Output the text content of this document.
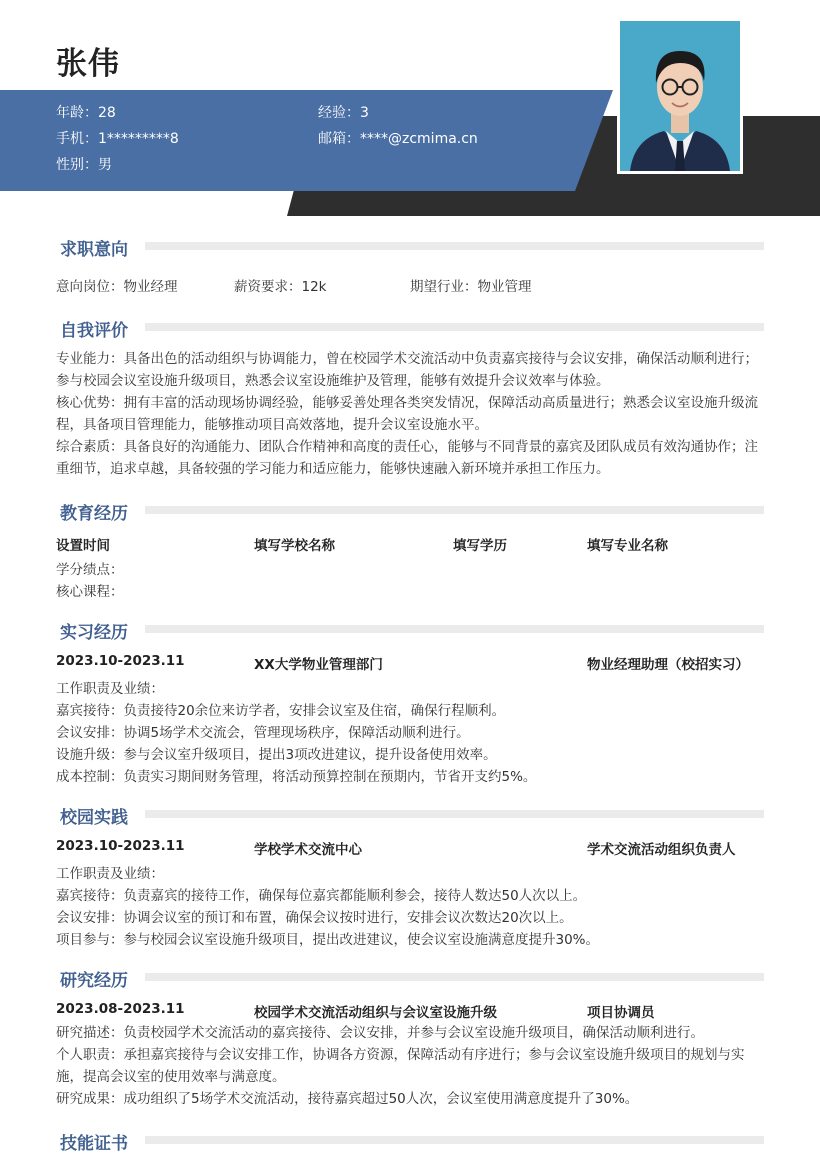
张伟
年龄：28	经验：3
手机：1*********8	邮箱：****@zcmima.cn
性别：男
求职意向
意向岗位：物业经理	薪资要求：12k	期望行业：物业管理
自我评价
专业能力：具备出色的活动组织与协调能力，曾在校园学术交流活动中负责嘉宾接待与会议安排，确保活动顺利进行；参与校园会议室设施升级项目，熟悉会议室设施维护及管理，能够有效提升会议效率与体验。
核心优势：拥有丰富的活动现场协调经验，能够妥善处理各类突发情况，保障活动高质量进行；熟悉会议室设施升级流程，具备项目管理能力，能够推动项目高效落地，提升会议室设施水平。
综合素质：具备良好的沟通能力、团队合作精神和高度的责任心，能够与不同背景的嘉宾及团队成员有效沟通协作；注重细节，追求卓越，具备较强的学习能力和适应能力，能够快速融入新环境并承担工作压力。
教育经历
设置时间	填写学校名称	填写学历	填写专业名称
学分绩点：
核心课程：
实习经历
2023.10-2023.11	XX大学物业管理部门	物业经理助理（校招实习）
工作职责及业绩：
嘉宾接待：负责接待20余位来访学者，安排会议室及住宿，确保行程顺利。
会议安排：协调5场学术交流会，管理现场秩序，保障活动顺利进行。
设施升级：参与会议室升级项目，提出3项改进建议，提升设备使用效率。
成本控制：负责实习期间财务管理，将活动预算控制在预期内，节省开支约5%。
校园实践
2023.10-2023.11	学校学术交流中心	学术交流活动组织负责人
工作职责及业绩：
嘉宾接待：负责嘉宾的接待工作，确保每位嘉宾都能顺利参会，接待人数达50人次以上。
会议安排：协调会议室的预订和布置，确保会议按时进行，安排会议次数达20次以上。
项目参与：参与校园会议室设施升级项目，提出改进建议，使会议室设施满意度提升30%。
研究经历
2023.08-2023.11	校园学术交流活动组织与会议室设施升级	项目协调员
研究描述：负责校园学术交流活动的嘉宾接待、会议安排，并参与会议室设施升级项目，确保活动顺利进行。
个人职责：承担嘉宾接待与会议安排工作，协调各方资源，保障活动有序进行；参与会议室设施升级项目的规划与实施，提高会议室的使用效率与满意度。
研究成果：成功组织了5场学术交流活动，接待嘉宾超过50人次，会议室使用满意度提升了30%。
技能证书
